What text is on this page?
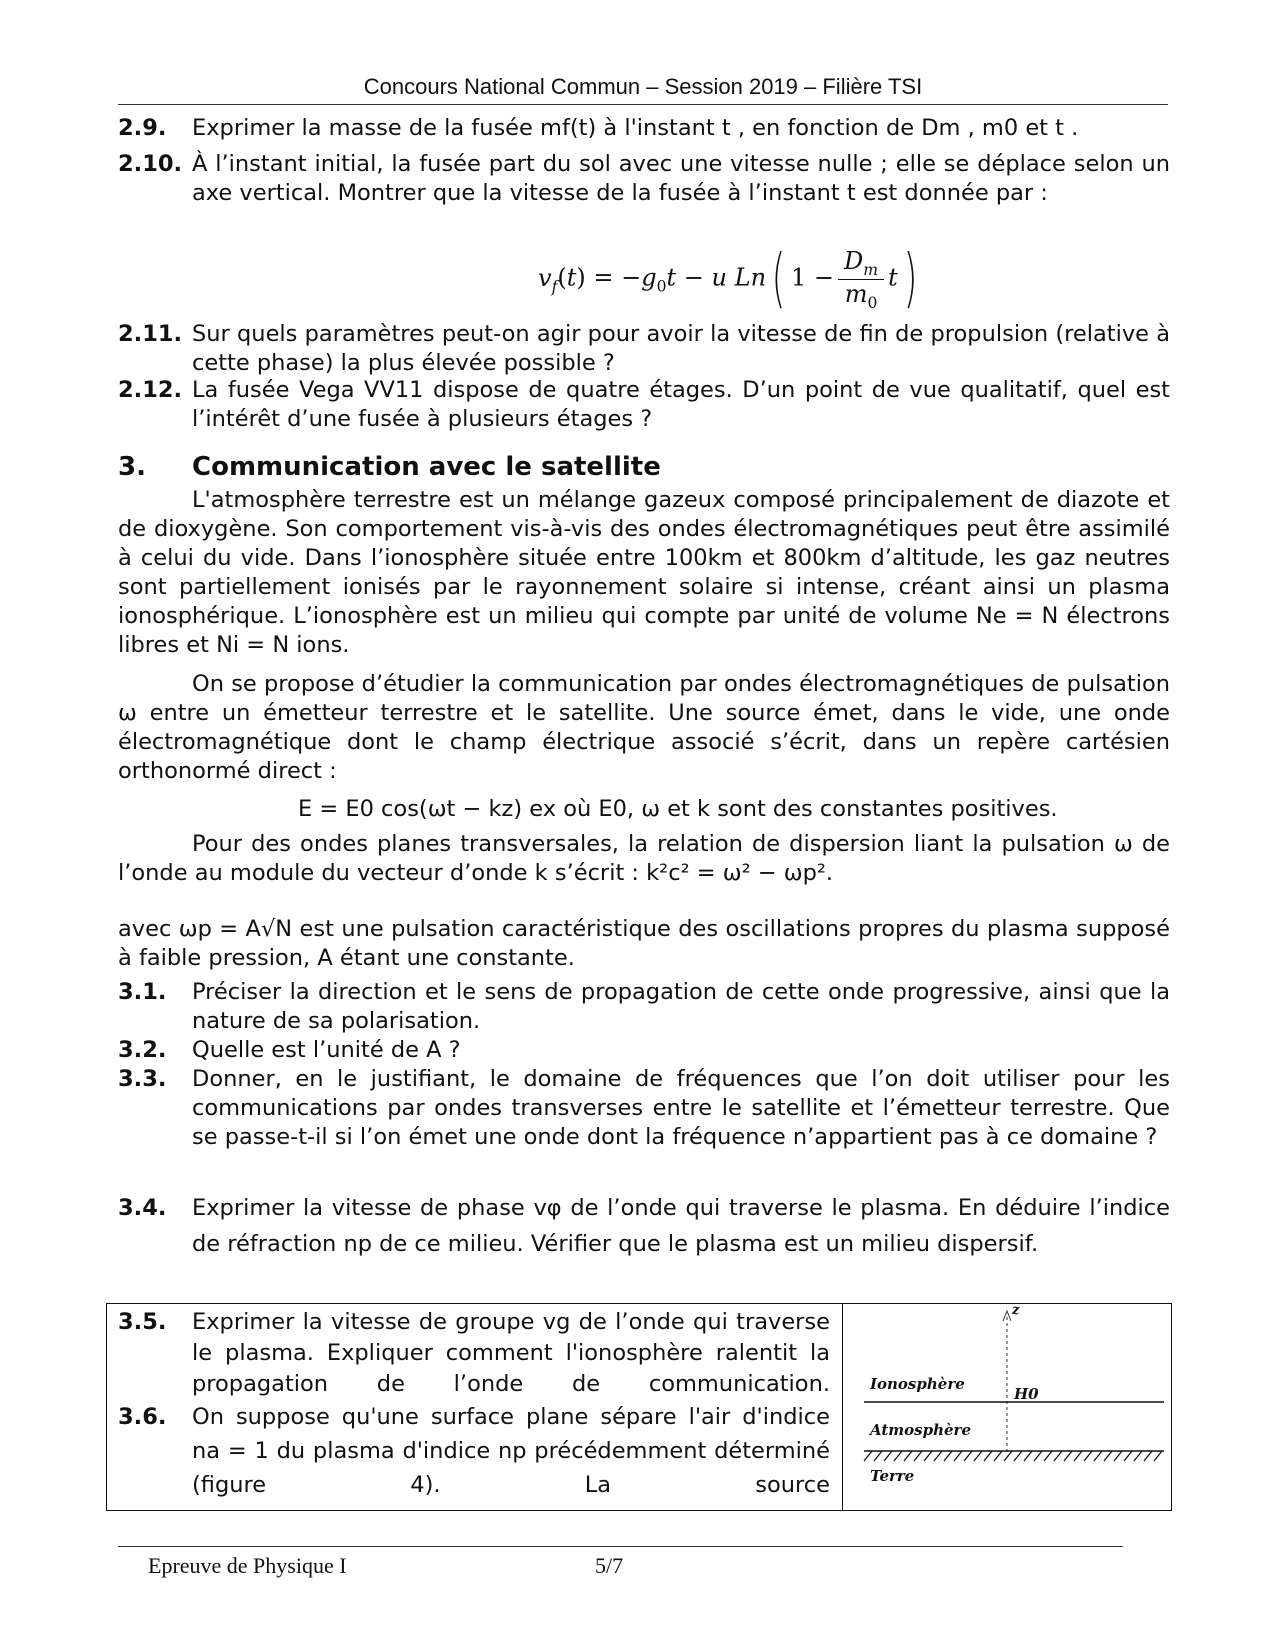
Concours National Commun – Session 2019 – Filière TSI
2.9. Exprimer la masse de la fusée mf(t) à l'instant t , en fonction de Dm , m0 et t .
2.10. À l’instant initial, la fusée part du sol avec une vitesse nulle ; elle se déplace selon un axe vertical. Montrer que la vitesse de la fusée à l’instant t est donnée par :
$v_f(t) = -g_0t - u$ Ln( $1 - \frac{D_m}{m_0} t$)
2.11. Sur quels paramètres peut-on agir pour avoir la vitesse de fin de propulsion (relative à cette phase) la plus élevée possible ?
2.12. La fusée Vega VV11 dispose de quatre étages. D’un point de vue qualitatif, quel est l’intérêt d’une fusée à plusieurs étages ?
3. Communication avec le satellite
L'atmosphère terrestre est un mélange gazeux composé principalement de diazote et de dioxygène. Son comportement vis-à-vis des ondes électromagnétiques peut être assimilé à celui du vide. Dans l’ionosphère située entre 100km et 800km d’altitude, les gaz neutres sont partiellement ionisés par le rayonnement solaire si intense, créant ainsi un plasma ionosphérique. L’ionosphère est un milieu qui compte par unité de volume Ne = N électrons libres et Ni = N ions.
On se propose d’étudier la communication par ondes électromagnétiques de pulsation ω entre un émetteur terrestre et le satellite. Une source émet, dans le vide, une onde électromagnétique dont le champ électrique associé s’écrit, dans un repère cartésien orthonormé direct :
E = E0 cos(ωt − kz) ex où E0, ω et k sont des constantes positives.
Pour des ondes planes transversales, la relation de dispersion liant la pulsation ω de l’onde au module du vecteur d’onde k s’écrit : k²c² = ω² − ωp².
avec ωp = A√N est une pulsation caractéristique des oscillations propres du plasma supposé à faible pression, A étant une constante.
3.1. Préciser la direction et le sens de propagation de cette onde progressive, ainsi que la nature de sa polarisation.
3.2. Quelle est l’unité de A ?
3.3. Donner, en le justifiant, le domaine de fréquences que l’on doit utiliser pour les communications par ondes transverses entre le satellite et l’émetteur terrestre. Que se passe-t-il si l’on émet une onde dont la fréquence n’appartient pas à ce domaine ?
3.4. Exprimer la vitesse de phase vφ de l’onde qui traverse le plasma. En déduire l’indice de réfraction np de ce milieu. Vérifier que le plasma est un milieu dispersif.
3.5. Exprimer la vitesse de groupe vg de l’onde qui traverse le plasma. Expliquer comment l'ionosphère ralentit la propagation de l’onde de communication.
3.6. On suppose qu'une surface plane sépare l'air d'indice na = 1 du plasma d'indice np précédemment déterminé (figure 4). La source
z
Ionosphère
H0
Atmosphère
Terre
Epreuve de Physique I	5/7
